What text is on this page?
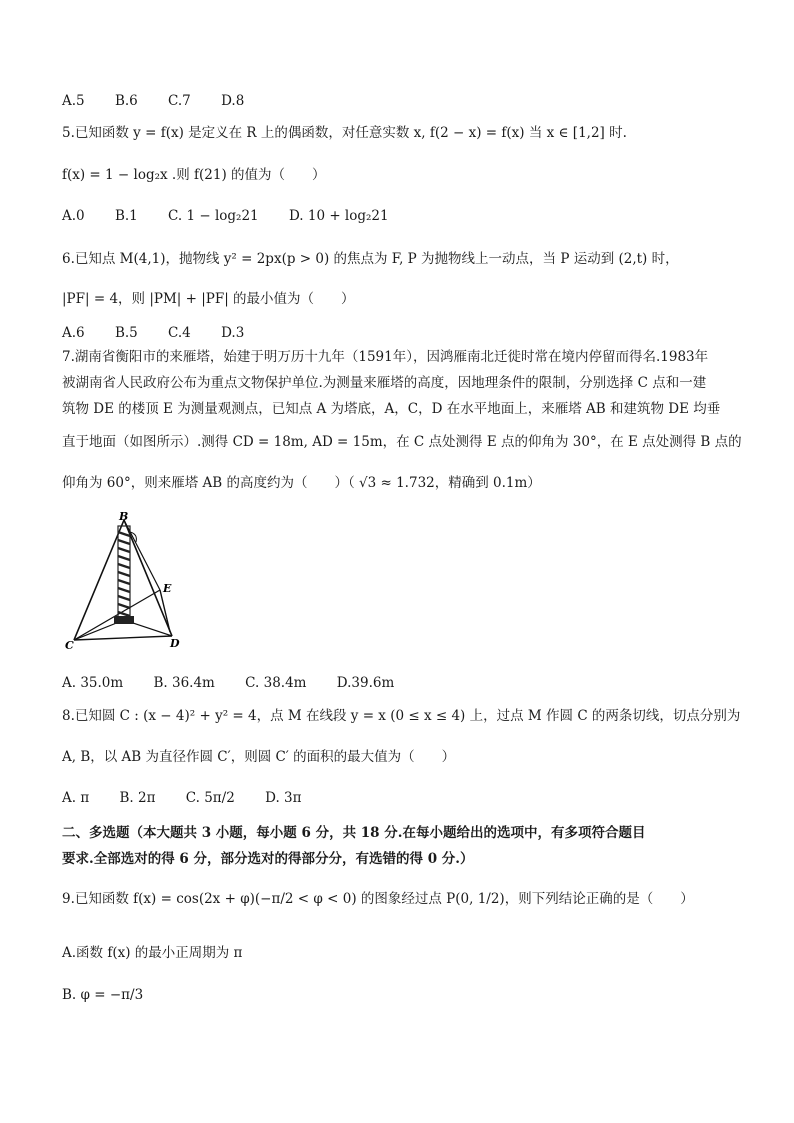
A.5 B.6 C.7 D.8
5.已知函数 y = f(x) 是定义在 R 上的偶函数，对任意实数 x, f(2 − x) = f(x) 当 x ∈ [1,2] 时.
f(x) = 1 − log₂x .则 f(21) 的值为（　　）
A.0 B.1 C. 1 − log₂21 D. 10 + log₂21
6.已知点 M(4,1)，抛物线 y² = 2px(p > 0) 的焦点为 F, P 为抛物线上一动点，当 P 运动到 (2,t) 时，
|PF| = 4，则 |PM| + |PF| 的最小值为（　　）
A.6 B.5 C.4 D.3
7.湖南省衡阳市的来雁塔，始建于明万历十九年（1591年），因鸿雁南北迁徙时常在境内停留而得名.1983年
被湖南省人民政府公布为重点文物保护单位.为测量来雁塔的高度，因地理条件的限制，分别选择 C 点和一建
筑物 DE 的楼顶 E 为测量观测点，已知点 A 为塔底，A，C，D 在水平地面上，来雁塔 AB 和建筑物 DE 均垂
直于地面（如图所示）.测得 CD = 18m, AD = 15m，在 C 点处测得 E 点的仰角为 30°，在 E 点处测得 B 点的
仰角为 60°，则来雁塔 AB 的高度约为（　　）（ √3 ≈ 1.732，精确到 0.1m）
B
E
C	D
A. 35.0m B. 36.4m C. 38.4m D.39.6m
8.已知圆 C : (x − 4)² + y² = 4，点 M 在线段 y = x (0 ≤ x ≤ 4) 上，过点 M 作圆 C 的两条切线，切点分别为
A, B，以 AB 为直径作圆 C′，则圆 C′ 的面积的最大值为（　　）
A. π B. 2π C. 5π/2 D. 3π
二、多选题（本大题共 3 小题，每小题 6 分，共 18 分.在每小题给出的选项中，有多项符合题目
要求.全部选对的得 6 分，部分选对的得部分分，有选错的得 0 分.）
9.已知函数 f(x) = cos(2x + φ)(−π/2 < φ < 0) 的图象经过点 P(0, 1/2)，则下列结论正确的是（　　）
A.函数 f(x) 的最小正周期为 π
B. φ = −π/3
